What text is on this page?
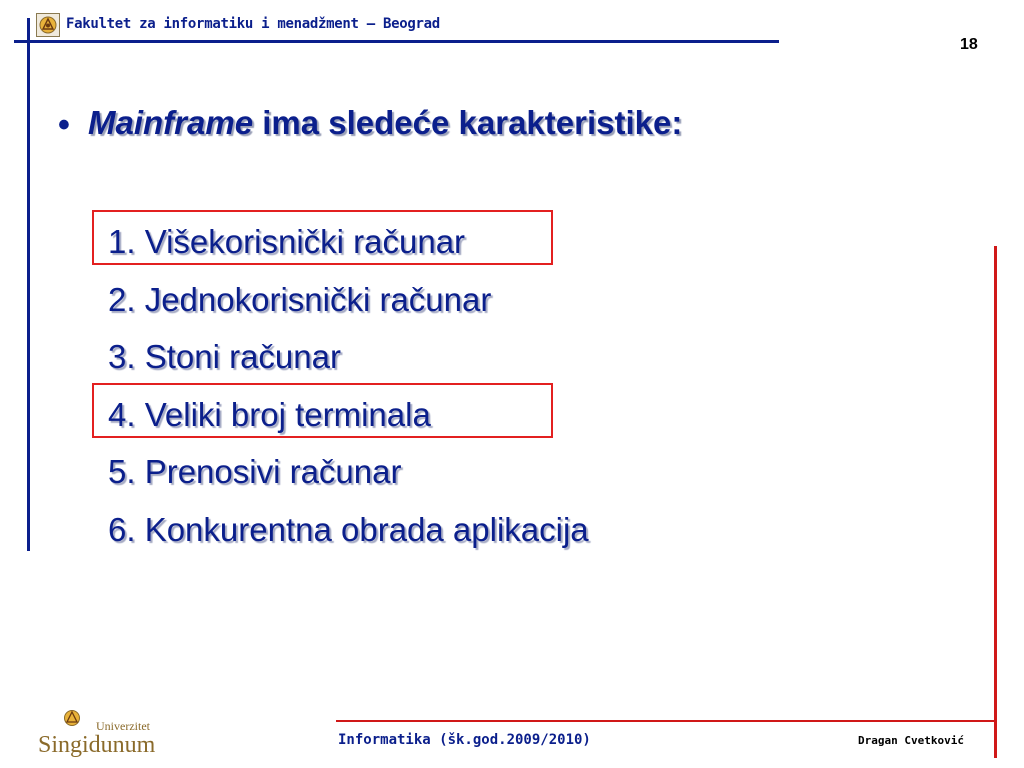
Fakultet za informatiku i menadžment – Beograd
18
• Mainframe ima sledeće karakteristike:
1. Višekorisnički računar
2. Jednokorisnički računar
3. Stoni računar
4. Veliki broj terminala
5. Prenosivi računar
6. Konkurentna obrada aplikacija
Univerzitet
Singidunum	Informatika (šk.god.2009/2010)	Dragan Cvetković
